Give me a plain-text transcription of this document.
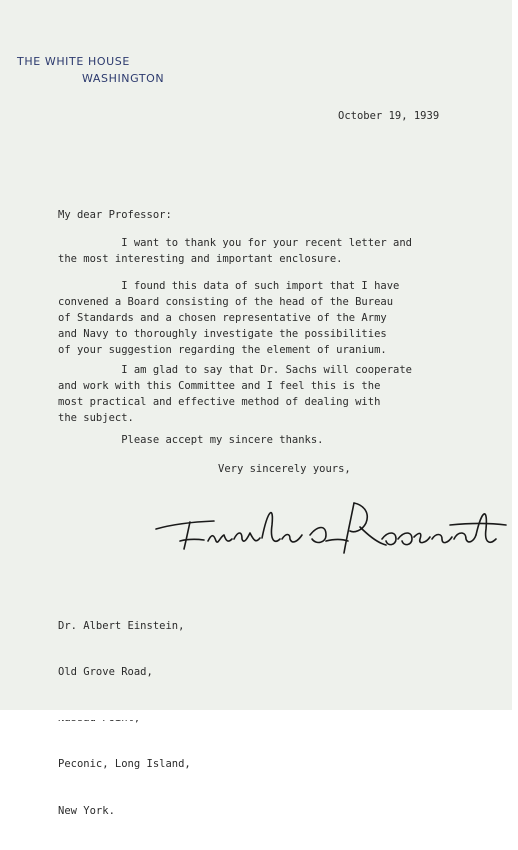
THE WHITE HOUSE
WASHINGTON
October 19, 1939
My dear Professor:
I want to thank you for your recent letter and
the most interesting and important enclosure.
I found this data of such import that I have
convened a Board consisting of the head of the Bureau
of Standards and a chosen representative of the Army
and Navy to thoroughly investigate the possibilities
of your suggestion regarding the element of uranium.
I am glad to say that Dr. Sachs will cooperate
and work with this Committee and I feel this is the
most practical and effective method of dealing with
the subject.
Please accept my sincere thanks.
Very sincerely yours,

Dr. Albert Einstein,

Old Grove Road,

Peconic, Long Island,

New York.
